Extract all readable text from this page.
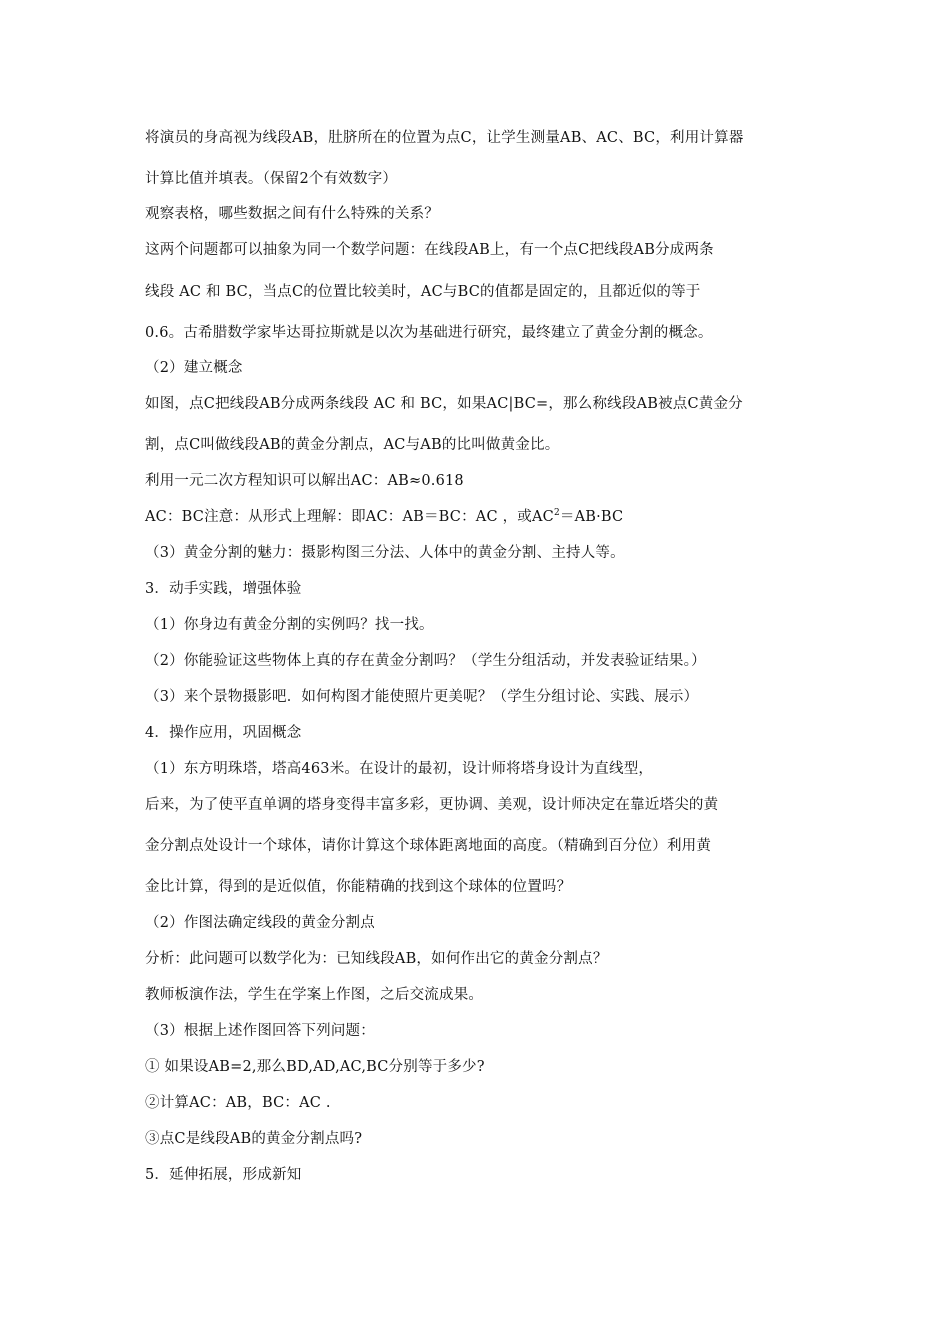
将演员的身高视为线段AB，肚脐所在的位置为点C，让学生测量AB、AC、BC，利用计算器
计算比值并填表。（保留2个有效数字）
观察表格，哪些数据之间有什么特殊的关系？
这两个问题都可以抽象为同一个数学问题：在线段AB上，有一个点C把线段AB分成两条
线段 AC 和 BC，当点C的位置比较美时，AC与BC的值都是固定的，且都近似的等于
0.6。古希腊数学家毕达哥拉斯就是以次为基础进行研究，最终建立了黄金分割的概念。
（2）建立概念
如图，点C把线段AB分成两条线段 AC 和 BC，如果AC|BC=，那么称线段AB被点C黄金分
割，点C叫做线段AB的黄金分割点，AC与AB的比叫做黄金比。
利用一元二次方程知识可以解出AC：AB≈0.618
AC：BC注意：从形式上理解：即AC：AB＝BC：AC ，或$AC^2=AB\cdot BC$
（3）黄金分割的魅力：摄影构图三分法、人体中的黄金分割、主持人等。
3．动手实践，增强体验
（1）你身边有黄金分割的实例吗？找一找。
（2）你能验证这些物体上真的存在黄金分割吗？（学生分组活动，并发表验证结果。）
（3）来个景物摄影吧．如何构图才能使照片更美呢？（学生分组讨论、实践、展示）
4．操作应用，巩固概念
（1）东方明珠塔，塔高463米。在设计的最初，设计师将塔身设计为直线型，
后来，为了使平直单调的塔身变得丰富多彩，更协调、美观，设计师决定在靠近塔尖的黄
金分割点处设计一个球体，请你计算这个球体距离地面的高度。（精确到百分位）利用黄
金比计算，得到的是近似值，你能精确的找到这个球体的位置吗？
（2）作图法确定线段的黄金分割点
分析：此问题可以数学化为：已知线段AB，如何作出它的黄金分割点？
教师板演作法，学生在学案上作图，之后交流成果。
（3）根据上述作图回答下列问题：
① 如果设AB=2,那么BD,AD,AC,BC分别等于多少?
②计算AC：AB，BC：AC .
③点C是线段AB的黄金分割点吗?
5．延伸拓展，形成新知
